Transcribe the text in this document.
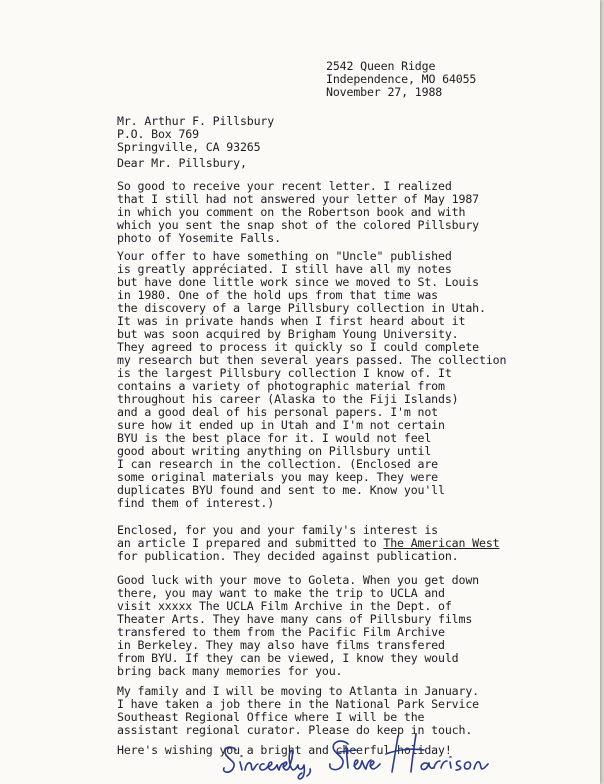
2542 Queen Ridge
Independence, MO 64055
November 27, 1988
Mr. Arthur F. Pillsbury
P.O. Box 769
Springville, CA 93265
Dear Mr. Pillsbury,
So good to receive your recent letter. I realized
that I still had not answered your letter of May 1987
in which you comment on the Robertson book and with
which you sent the snap shot of the colored Pillsbury
photo of Yosemite Falls.
Your offer to have something on "Uncle" published
is greatly appréciated. I still have all my notes
but have done little work since we moved to St. Louis
in 1980. One of the hold ups from that time was
the discovery of a large Pillsbury collection in Utah.
It was in private hands when I first heard about it
but was soon acquired by Brigham Young University.
They agreed to process it quickly so I could complete
my research but then several years passed. The collection
is the largest Pillsbury collection I know of. It
contains a variety of photographic material from
throughout his career (Alaska to the Fiji Islands)
and a good deal of his personal papers. I'm not
sure how it ended up in Utah and I'm not certain
BYU is the best place for it. I would not feel
good about writing anything on Pillsbury until
I can research in the collection. (Enclosed are
some original materials you may keep. They were
duplicates BYU found and sent to me. Know you'll
find them of interest.)
Enclosed, for you and your family's interest is
an article I prepared and submitted to The American West
for publication. They decided against publication.
Good luck with your move to Goleta. When you get down
there, you may want to make the trip to UCLA and
visit xxxxx The UCLA Film Archive in the Dept. of
Theater Arts. They have many cans of Pillsbury films
transfered to them from the Pacific Film Archive
in Berkeley. They may also have films transfered
from BYU. If they can be viewed, I know they would
bring back many memories for you.
My family and I will be moving to Atlanta in January.
I have taken a job there in the National Park Service
Southeast Regional Office where I will be the
assistant regional curator. Please do keep in touch.
Here's wishing you a bright and cheerful holiday!
